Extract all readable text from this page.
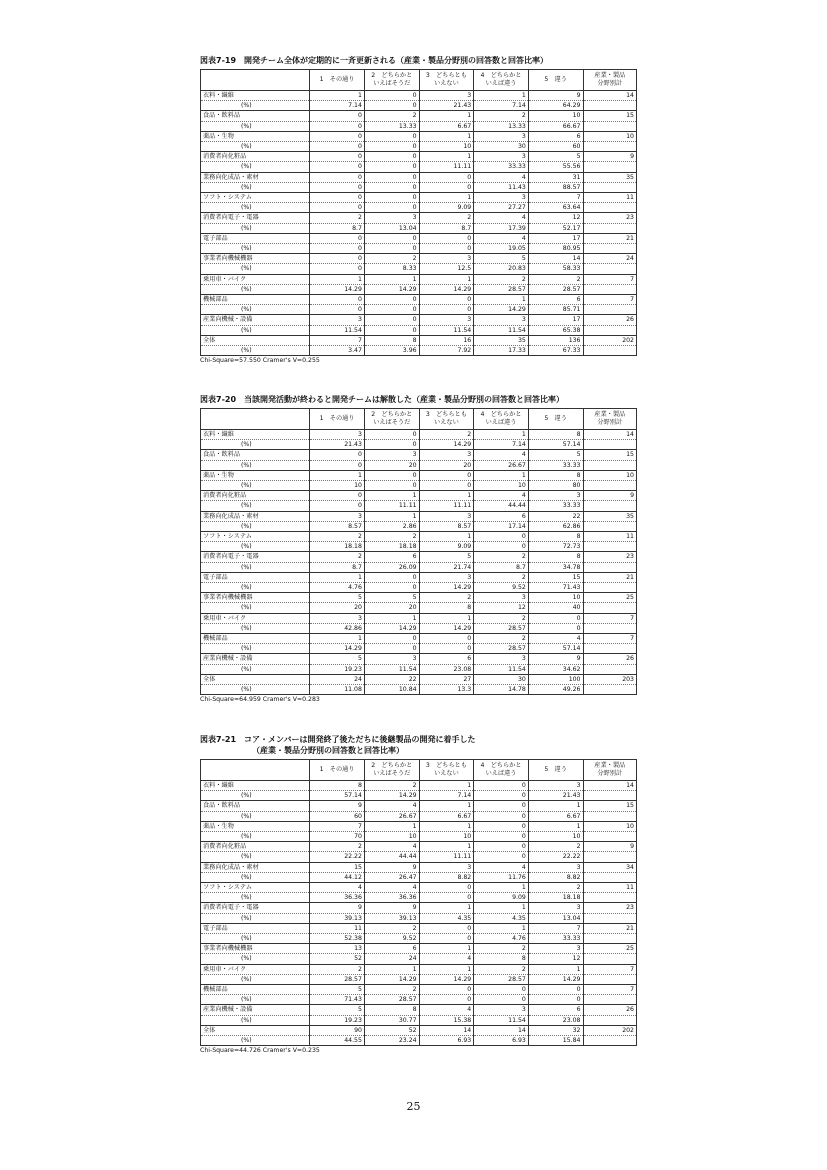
図表7-19　開発チーム全体が定期的に一斉更新される（産業・製品分野別の回答数と回答比率）
	1　その通り	2　どちらかと
いえばそうだ	3　どちらとも
いえない	4　どちらかと
いえば違う	5　違う	産業・製品
分野別計
衣料・繊維	1	0	3	1	9	14
(%)	7.14	0	21.43	7.14	64.29	
食品・飲料品	0	2	1	2	10	15
(%)	0	13.33	6.67	13.33	66.67	
薬品・生物	0	0	1	3	6	10
(%)	0	0	10	30	60	
消費者向化粧品	0	0	1	3	5	9
(%)	0	0	11.11	33.33	55.56	
業務向化成品・素材	0	0	0	4	31	35
(%)	0	0	0	11.43	88.57	
ソフト・システム	0	0	1	3	7	11
(%)	0	0	9.09	27.27	63.64	
消費者向電子・電器	2	3	2	4	12	23
(%)	8.7	13.04	8.7	17.39	52.17	
電子部品	0	0	0	4	17	21
(%)	0	0	0	19.05	80.95	
事業者向機械機器	0	2	3	5	14	24
(%)	0	8.33	12.5	20.83	58.33	
乗用車・バイク	1	1	1	2	2	7
(%)	14.29	14.29	14.29	28.57	28.57	
機械部品	0	0	0	1	6	7
(%)	0	0	0	14.29	85.71	
産業向機械・設備	3	0	3	3	17	26
(%)	11.54	0	11.54	11.54	65.38	
全体	7	8	16	35	136	202
(%)	3.47	3.96	7.92	17.33	67.33	
Chi-Square=57.550 Cramer's V=0.255
図表7-20　当該開発活動が終わると開発チームは解散した（産業・製品分野別の回答数と回答比率）
	1　その通り	2　どちらかと
いえばそうだ	3　どちらとも
いえない	4　どちらかと
いえば違う	5　違う	産業・製品
分野別計
衣料・繊維	3	0	2	1	8	14
(%)	21.43	0	14.29	7.14	57.14	
食品・飲料品	0	3	3	4	5	15
(%)	0	20	20	26.67	33.33	
薬品・生物	1	0	0	1	8	10
(%)	10	0	0	10	80	
消費者向化粧品	0	1	1	4	3	9
(%)	0	11.11	11.11	44.44	33.33	
業務向化成品・素材	3	1	3	6	22	35
(%)	8.57	2.86	8.57	17.14	62.86	
ソフト・システム	2	2	1	0	8	11
(%)	18.18	18.18	9.09	0	72.73	
消費者向電子・電器	2	6	5	2	8	23
(%)	8.7	26.09	21.74	8.7	34.78	
電子部品	1	0	3	2	15	21
(%)	4.76	0	14.29	9.52	71.43	
事業者向機械機器	5	5	2	3	10	25
(%)	20	20	8	12	40	
乗用車・バイク	3	1	1	2	0	7
(%)	42.86	14.29	14.29	28.57	0	
機械部品	1	0	0	2	4	7
(%)	14.29	0	0	28.57	57.14	
産業向機械・設備	5	3	6	3	9	26
(%)	19.23	11.54	23.08	11.54	34.62	
全体	24	22	27	30	100	203
(%)	11.08	10.84	13.3	14.78	49.26	
Chi-Square=64.959 Cramer's V=0.283
図表7-21　コア・メンバーは開発終了後ただちに後継製品の開発に着手した
　　　　　　　（産業・製品分野別の回答数と回答比率）
	1　その通り	2　どちらかと
いえばそうだ	3　どちらとも
いえない	4　どちらかと
いえば違う	5　違う	産業・製品
分野別計
衣料・繊維	8	2	1	0	3	14
(%)	57.14	14.29	7.14	0	21.43	
食品・飲料品	9	4	1	0	1	15
(%)	60	26.67	6.67	0	6.67	
薬品・生物	7	1	1	0	1	10
(%)	70	10	10	0	10	
消費者向化粧品	2	4	1	0	2	9
(%)	22.22	44.44	11.11	0	22.22	
業務向化成品・素材	15	9	3	4	3	34
(%)	44.12	26.47	8.82	11.76	8.82	
ソフト・システム	4	4	0	1	2	11
(%)	36.36	36.36	0	9.09	18.18	
消費者向電子・電器	9	9	1	1	3	23
(%)	39.13	39.13	4.35	4.35	13.04	
電子部品	11	2	0	1	7	21
(%)	52.38	9.52	0	4.76	33.33	
事業者向機械機器	13	6	1	2	3	25
(%)	52	24	4	8	12	
乗用車・バイク	2	1	1	2	1	7
(%)	28.57	14.29	14.29	28.57	14.29	
機械部品	5	2	0	0	0	7
(%)	71.43	28.57	0	0	0	
産業向機械・設備	5	8	4	3	6	26
(%)	19.23	30.77	15.38	11.54	23.08	
全体	90	52	14	14	32	202
(%)	44.55	23.24	6.93	6.93	15.84	
Chi-Square=44.726 Cramer's V=0.235
25
